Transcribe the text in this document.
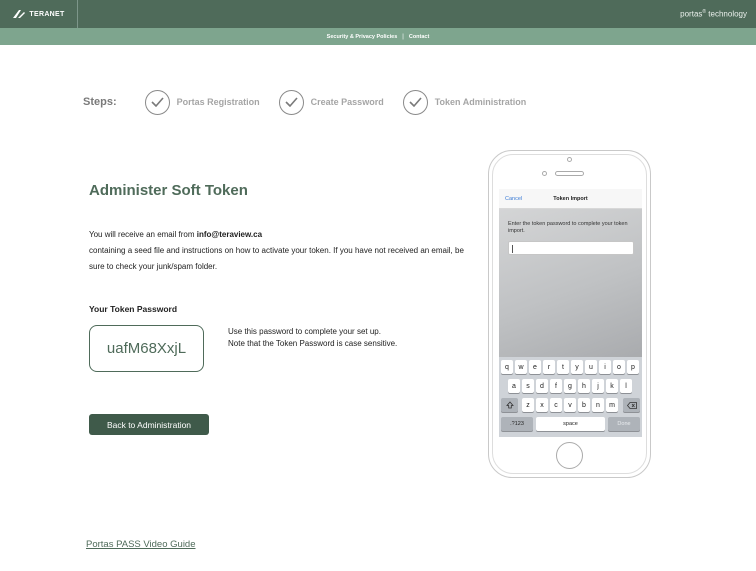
TERANET	portas® technology
Security & Privacy Policies | Contact
Steps:	Portas Registration	Create Password	Token Administration
Administer Soft Token
You will receive an email from info@teraview.ca
containing a seed file and instructions on how to activate your token. If you have not received an email, be sure to check your junk/spam folder.
Your Token Password
uafM68XxjL
Use this password to complete your set up.
Note that the Token Password is case sensitive.
Back to Administration
Portas PASS Video Guide
Cancel	Token Import
Enter the token password to complete your token import.
q	w	e	r	t	y	u	i	o	p
a	s	d	f	g	h	j	k	l
z	x	c	v	b	n	m
.?123	space	Done
